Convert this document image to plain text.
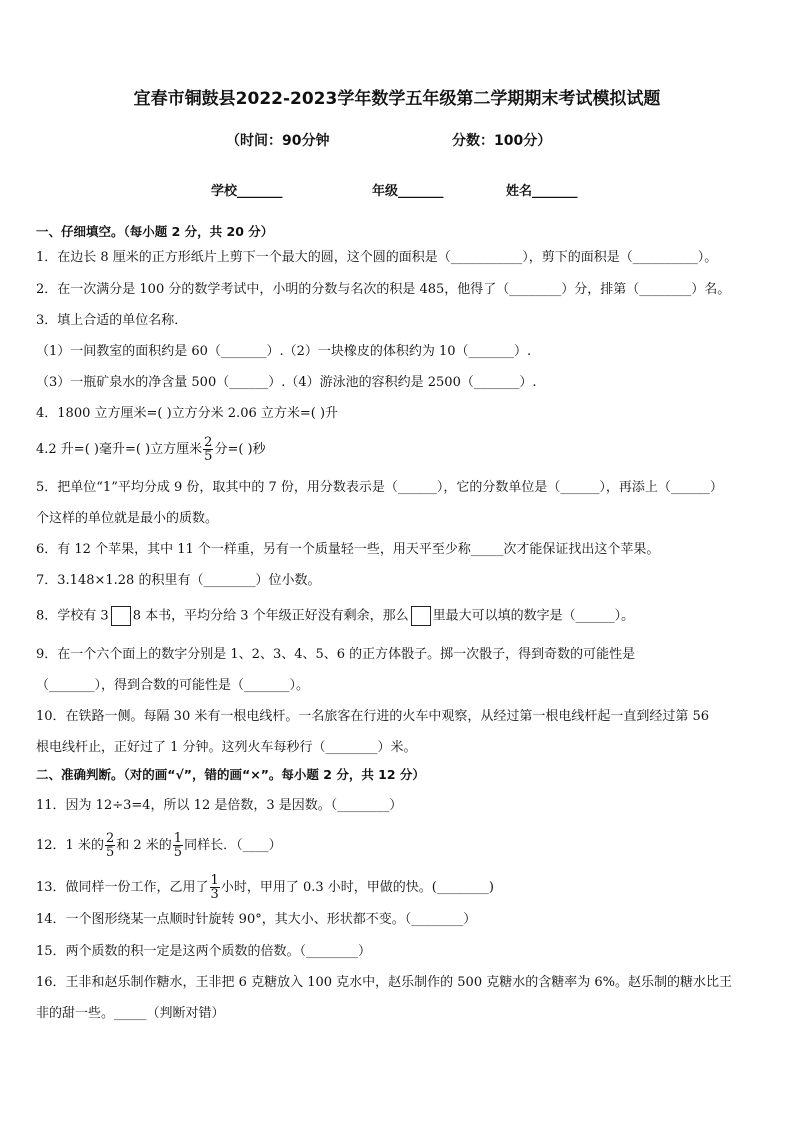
宜春市铜鼓县2022-2023学年数学五年级第二学期期末考试模拟试题
（时间：90分钟	分数：100分）
学校_______	年级_______	姓名_______
一、仔细填空。（每小题 2 分，共 20 分）
1．在边长 8 厘米的正方形纸片上剪下一个最大的圆，这个圆的面积是（___________），剪下的面积是（__________）。
2．在一次满分是 100 分的数学考试中，小明的分数与名次的积是 485，他得了（________）分，排第（________）名。
3．填上合适的单位名称．
（1）一间教室的面积约是 60（_______）.（2）一块橡皮的体积约为 10（_______）.
（3）一瓶矿泉水的净含量 500（______）.（4）游泳池的容积约是 2500（_______）.
4．1800 立方厘米=( )立方分米 2.06 立方米=( )升
4.2 升=( )毫升=( )立方厘米 $\frac{2}{5}$ 分=( )秒
5．把单位“1”平均分成 9 份，取其中的 7 份，用分数表示是（______），它的分数单位是（______），再添上（______）
个这样的单位就是最小的质数。
6．有 12 个苹果，其中 11 个一样重，另有一个质量轻一些，用天平至少称_____次才能保证找出这个苹果。
7．3.148×1.28 的积里有（________）位小数。
8．学校有 3 8 本书，平均分给 3 个年级正好没有剩余，那么 里最大可以填的数字是（______）。
9．在一个六个面上的数字分别是 1、2、3、4、5、6 的正方体骰子。掷一次骰子，得到奇数的可能性是
（_______），得到合数的可能性是（_______）。
10．在铁路一侧。每隔 30 米有一根电线杆。一名旅客在行进的火车中观察，从经过第一根电线杆起一直到经过第 56
根电线杆止，正好过了 1 分钟。这列火车每秒行（________）米。
二、准确判断。（对的画“√”，错的画“×”。每小题 2 分，共 12 分）
11．因为 12÷3=4，所以 12 是倍数，3 是因数。（________）
12．1 米的 $\frac{2}{5}$ 和 2 米的 $\frac{1}{5}$ 同样长．（____）
13．做同样一份工作，乙用了 $\frac{1}{3}$ 小时，甲用了 0.3 小时，甲做的快。(________)
14．一个图形绕某一点顺时针旋转 90°，其大小、形状都不变。（________）
15．两个质数的积一定是这两个质数的倍数。（________）
16．王非和赵乐制作糖水，王非把 6 克糖放入 100 克水中，赵乐制作的 500 克糖水的含糖率为 6%。赵乐制的糖水比王
非的甜一些。_____（判断对错）
